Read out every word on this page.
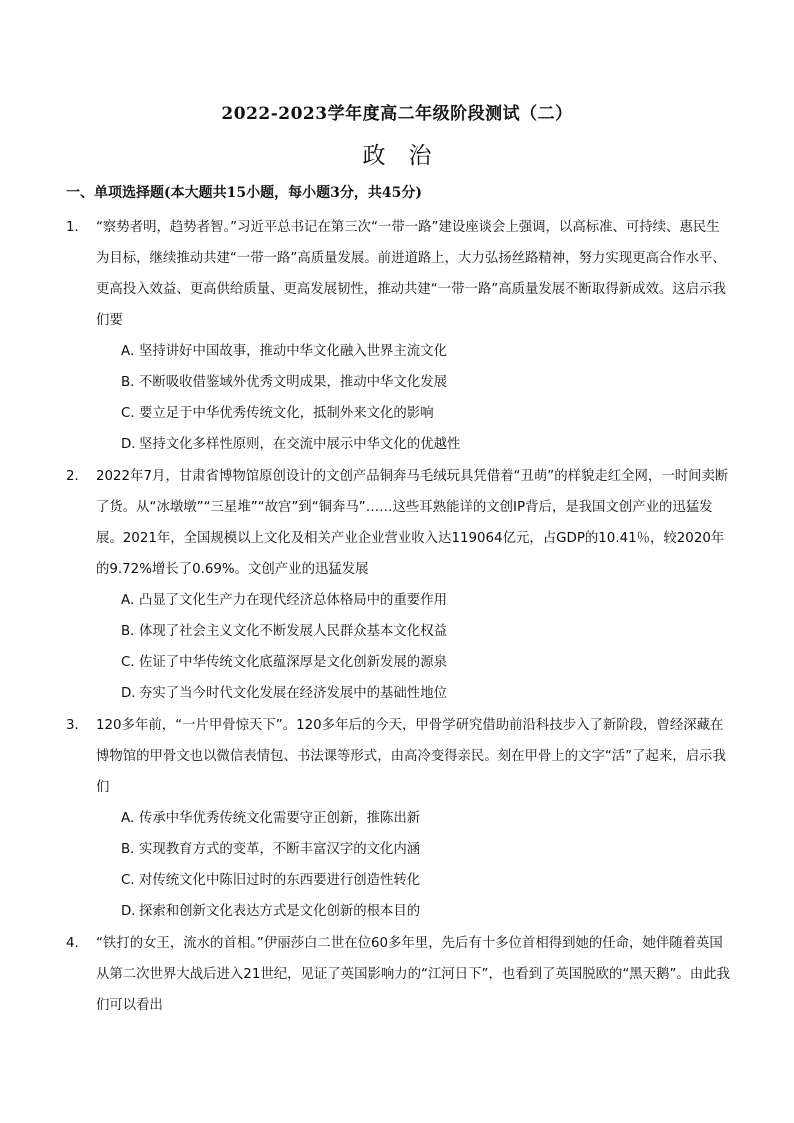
2022-2023学年度高二年级阶段测试（二）
政　治
一、单项选择题(本大题共15小题，每小题3分，共45分)
1． “察势者明，趋势者智。”习近平总书记在第三次“一带一路”建设座谈会上强调，以高标准、可持续、惠民生为目标，继续推动共建“一带一路”高质量发展。前进道路上，大力弘扬丝路精神，努力实现更高合作水平、更高投入效益、更高供给质量、更高发展韧性，推动共建“一带一路”高质量发展不断取得新成效。这启示我们要
A．坚持讲好中国故事，推动中华文化融入世界主流文化
B．不断吸收借鉴域外优秀文明成果，推动中华文化发展
C．要立足于中华优秀传统文化，抵制外来文化的影响
D．坚持文化多样性原则，在交流中展示中华文化的优越性
2． 2022年7月，甘肃省博物馆原创设计的文创产品铜奔马毛绒玩具凭借着“丑萌”的样貌走红全网，一时间卖断了货。从“冰墩墩”“三星堆”“故宫”到“铜奔马”……这些耳熟能详的文创IP背后，是我国文创产业的迅猛发展。2021年，全国规模以上文化及相关产业企业营业收入达119064亿元，占GDP的10.41％，较2020年的9.72%增长了0.69%。文创产业的迅猛发展
A．凸显了文化生产力在现代经济总体格局中的重要作用
B．体现了社会主义文化不断发展人民群众基本文化权益
C．佐证了中华传统文化底蕴深厚是文化创新发展的源泉
D．夯实了当今时代文化发展在经济发展中的基础性地位
3． 120多年前，“一片甲骨惊天下”。120多年后的今天，甲骨学研究借助前沿科技步入了新阶段，曾经深藏在博物馆的甲骨文也以微信表情包、书法课等形式，由高冷变得亲民。刻在甲骨上的文字“活”了起来，启示我们
A．传承中华优秀传统文化需要守正创新，推陈出新
B．实现教育方式的变革，不断丰富汉字的文化内涵
C．对传统文化中陈旧过时的东西要进行创造性转化
D．探索和创新文化表达方式是文化创新的根本目的
4. “铁打的女王，流水的首相。”伊丽莎白二世在位60多年里，先后有十多位首相得到她的任命，她伴随着英国从第二次世界大战后进入21世纪，见证了英国影响力的“江河日下”，也看到了英国脱欧的“黑天鹅”。由此我们可以看出
